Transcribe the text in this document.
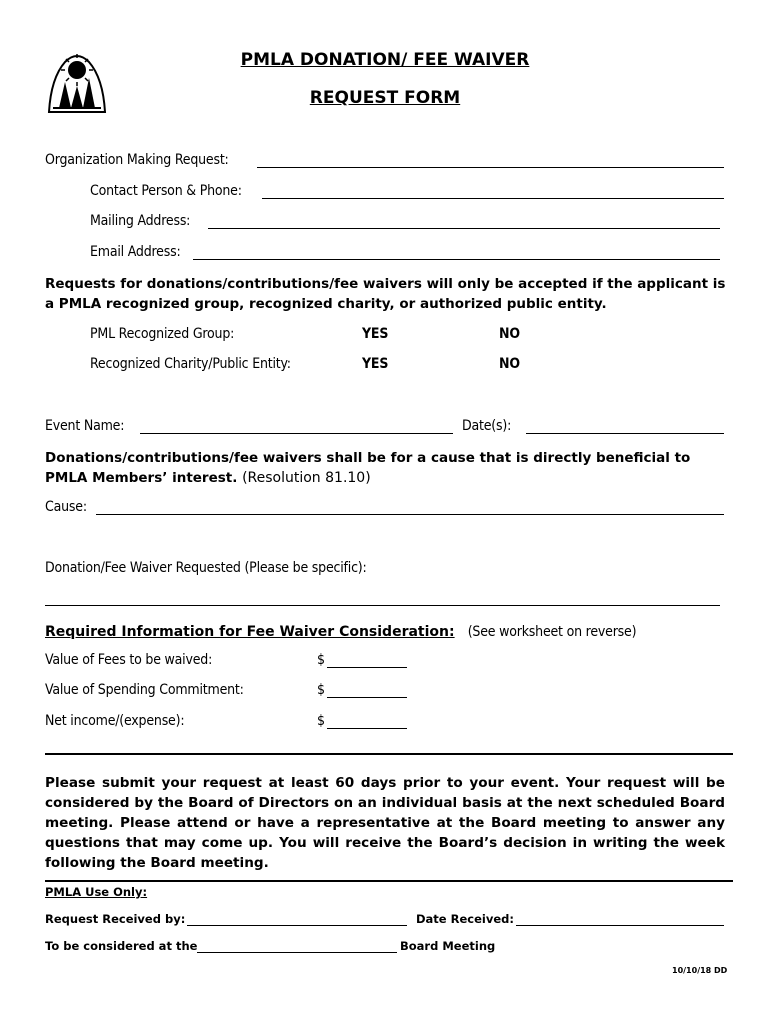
PMLA DONATION/ FEE WAIVER
REQUEST FORM
Organization Making Request:
Contact Person & Phone:
Mailing Address:
Email Address:
Requests for donations/contributions/fee waivers will only be accepted if the applicant is a PMLA recognized group, recognized charity, or authorized public entity.
PML Recognized Group:	YES	NO
Recognized Charity/Public Entity:	YES	NO
Event Name:	Date(s):
Donations/contributions/fee waivers shall be for a cause that is directly beneficial to PMLA Members’ interest. (Resolution 81.10)
Cause:
Donation/Fee Waiver Requested (Please be specific):
Required Information for Fee Waiver Consideration: (See worksheet on reverse)
Value of Fees to be waived:	$
Value of Spending Commitment:	$
Net income/(expense):	$
Please submit your request at least 60 days prior to your event. Your request will be considered by the Board of Directors on an individual basis at the next scheduled Board meeting. Please attend or have a representative at the Board meeting to answer any questions that may come up. You will receive the Board’s decision in writing the week following the Board meeting.
PMLA Use Only:
Request Received by:	Date Received:
To be considered at the	Board Meeting
10/10/18 DD
